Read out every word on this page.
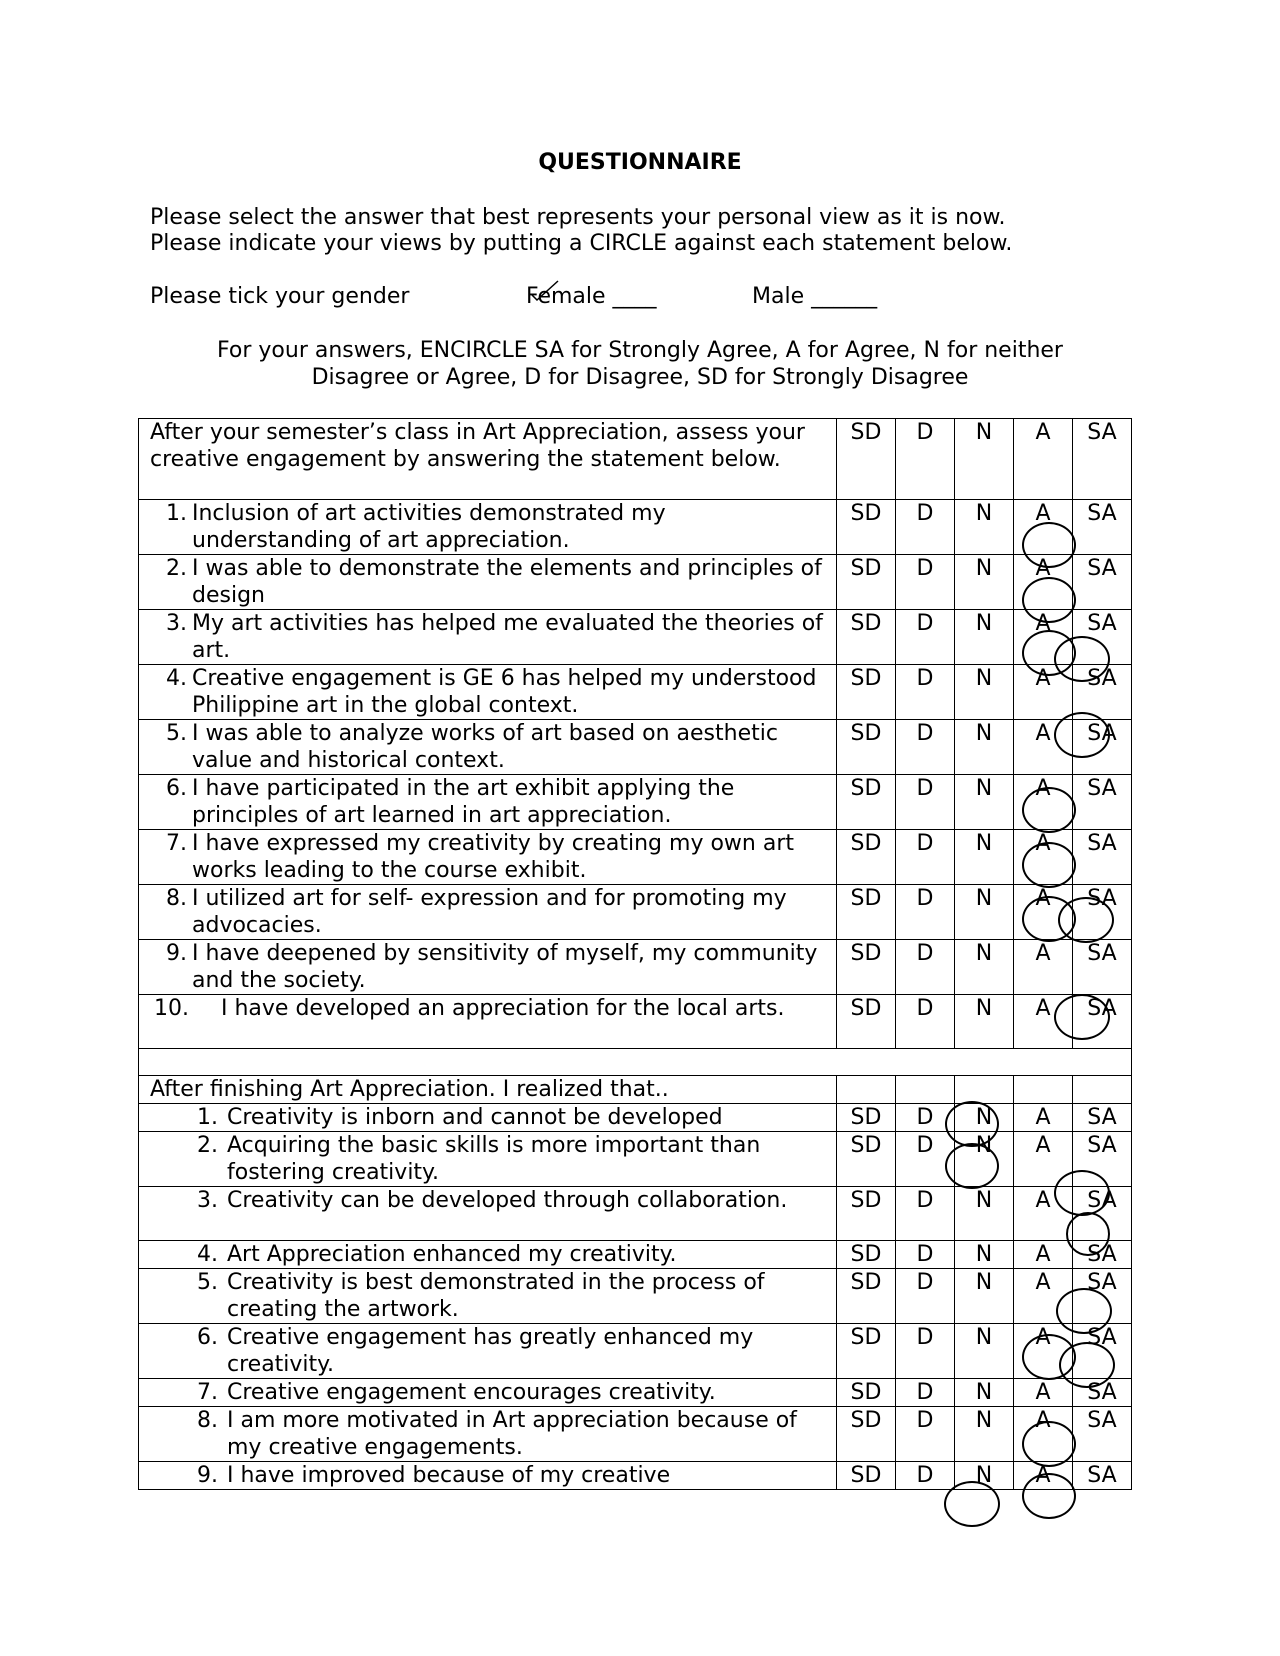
QUESTIONNAIRE
Please select the answer that best represents your personal view as it is now.
Please indicate your views by putting a CIRCLE against each statement below.
Please tick your gender	Female ____	Male ______
For your answers, ENCIRCLE SA for Strongly Agree, A for Agree, N for neither
Disagree or Agree, D for Disagree, SD for Strongly Disagree
After your semester’s class in Art Appreciation, assess your creative engagement by answering the statement below.	SD	D	N	A	SA

1. Inclusion of art activities demonstrated my understanding of art appreciation.	SD	D	N	A	SA

2. I was able to demonstrate the elements and principles of design	SD	D	N	A	SA

3. My art activities has helped me evaluated the theories of art.	SD	D	N	A	SA

4. Creative engagement is GE 6 has helped my understood Philippine art in the global context.	SD	D	N	A	SA

5. I was able to analyze works of art based on aesthetic value and historical context.	SD	D	N	A	SA

6. I have participated in the art exhibit applying the principles of art learned in art appreciation.	SD	D	N	A	SA

7. I have expressed my creativity by creating my own art works leading to the course exhibit.	SD	D	N	A	SA

8. I utilized art for self- expression and for promoting my advocacies.	SD	D	N	A	SA

9. I have deepened by sensitivity of myself, my community and the society.	SD	D	N	A	SA

10. I have developed an appreciation for the local arts.	SD	D	N	A	SA

After finishing Art Appreciation. I realized that..					

1. Creativity is inborn and cannot be developed	SD	D	N	A	SA

2. Acquiring the basic skills is more important than fostering creativity.	SD	D	N	A	SA

3. Creativity can be developed through collaboration.	SD	D	N	A	SA

4. Art Appreciation enhanced my creativity.	SD	D	N	A	SA

5. Creativity is best demonstrated in the process of creating the artwork.	SD	D	N	A	SA

6. Creative engagement has greatly enhanced my creativity.	SD	D	N	A	SA

7. Creative engagement encourages creativity.	SD	D	N	A	SA

8. I am more motivated in Art appreciation because of my creative engagements.	SD	D	N	A	SA

9. I have improved because of my creative	SD	D	N	A	SA
